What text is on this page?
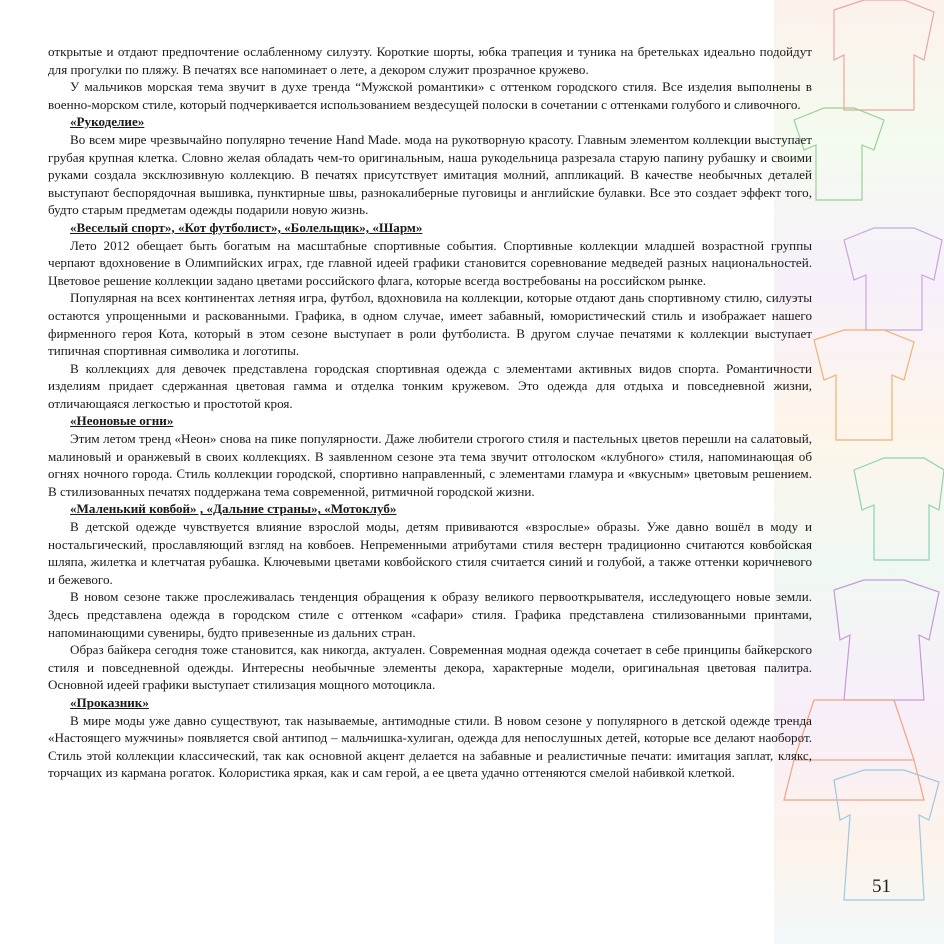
открытые и отдают предпочтение ослабленному силуэту. Короткие шорты, юбка трапеция и туника на бретельках идеально подойдут для прогулки по пляжу. В печатях все напоминает о лете, а декором служит прозрачное кружево.

У мальчиков морская тема звучит в духе тренда “Мужской романтики» с оттенком городского стиля. Все изделия выполнены в военно-морском стиле, который подчеркивается использованием вездесущей полоски в сочетании с оттенками голубого и сливочного.

«Рукоделие»

Во всем мире чрезвычайно популярно течение Hand Made. мода на рукотворную красоту. Главным элементом коллекции выступает грубая крупная клетка. Словно желая обладать чем-то оригинальным, наша рукодельница разрезала старую папину рубашку и своими руками создала эксклюзивную коллекцию. В печатях присутствует имитация молний, аппликаций. В качестве необычных деталей выступают беспорядочная вышивка, пунктирные швы, разнокалиберные пуговицы и английские булавки. Все это создает эффект того, будто старым предметам одежды подарили новую жизнь.

«Веселый спорт», «Кот футболист», «Болельщик», «Шарм»

Лето 2012 обещает быть богатым на масштабные спортивные события. Спортивные коллекции младшей возрастной группы черпают вдохновение в Олимпийских играх, где главной идеей графики становится соревнование медведей разных национальностей. Цветовое решение коллекции задано цветами российского флага, которые всегда востребованы на российском рынке.

Популярная на всех континентах летняя игра, футбол, вдохновила на коллекции, которые отдают дань спортивному стилю, силуэты остаются упрощенными и раскованными. Графика, в одном случае, имеет забавный, юмористический стиль и изображает нашего фирменного героя Кота, который в этом сезоне выступает в роли футболиста. В другом случае печатями к коллекции выступает типичная спортивная символика и логотипы.

В коллекциях для девочек представлена городская спортивная одежда с элементами активных видов спорта. Романтичности изделиям придает сдержанная цветовая гамма и отделка тонким кружевом. Это одежда для отдыха и повседневной жизни, отличающаяся легкостью и простотой кроя.

«Неоновые огни»

Этим летом тренд «Неон» снова на пике популярности. Даже любители строгого стиля и пастельных цветов перешли на салатовый, малиновый и оранжевый в своих коллекциях. В заявленном сезоне эта тема звучит отголоском «клубного» стиля, напоминающая об огнях ночного города. Стиль коллекции городской, спортивно направленный, с элементами гламура и «вкусным» цветовым решением. В стилизованных печатях поддержана тема современной, ритмичной городской жизни.

«Маленький ковбой» , «Дальние страны», «Мотоклуб»

В детской одежде чувствуется влияние взрослой моды, детям прививаются «взрослые» образы. Уже давно вошёл в моду и ностальгический, прославляющий взгляд на ковбоев. Непременными атрибутами стиля вестерн традиционно считаются ковбойская шляпа, жилетка и клетчатая рубашка. Ключевыми цветами ковбойского стиля считается синий и голубой, а также оттенки коричневого и бежевого.

В новом сезоне также прослеживалась тенденция обращения к образу великого первооткрывателя, исследующего новые земли. Здесь представлена одежда в городском стиле с оттенком «сафари» стиля. Графика представлена стилизованными принтами, напоминающими сувениры, будто привезенные из дальних стран.

Образ байкера сегодня тоже становится, как никогда, актуален. Современная модная одежда сочетает в себе принципы байкерского стиля и повседневной одежды. Интересны необычные элементы декора, характерные модели, оригинальная цветовая палитра. Основной идеей графики выступает стилизация мощного мотоцикла.

«Проказник»

В мире моды уже давно существуют, так называемые, антимодные стили. В новом сезоне у популярного в детской одежде тренда «Настоящего мужчины» появляется свой антипод – мальчишка-хулиган, одежда для непослушных детей, которые все делают наоборот. Стиль этой коллекции классический, так как основной акцент делается на забавные и реалистичные печати: имитация заплат, клякс, торчащих из кармана рогаток. Колористика яркая, как и сам герой, а ее цвета удачно оттеняются смелой набивкой клеткой.

51
